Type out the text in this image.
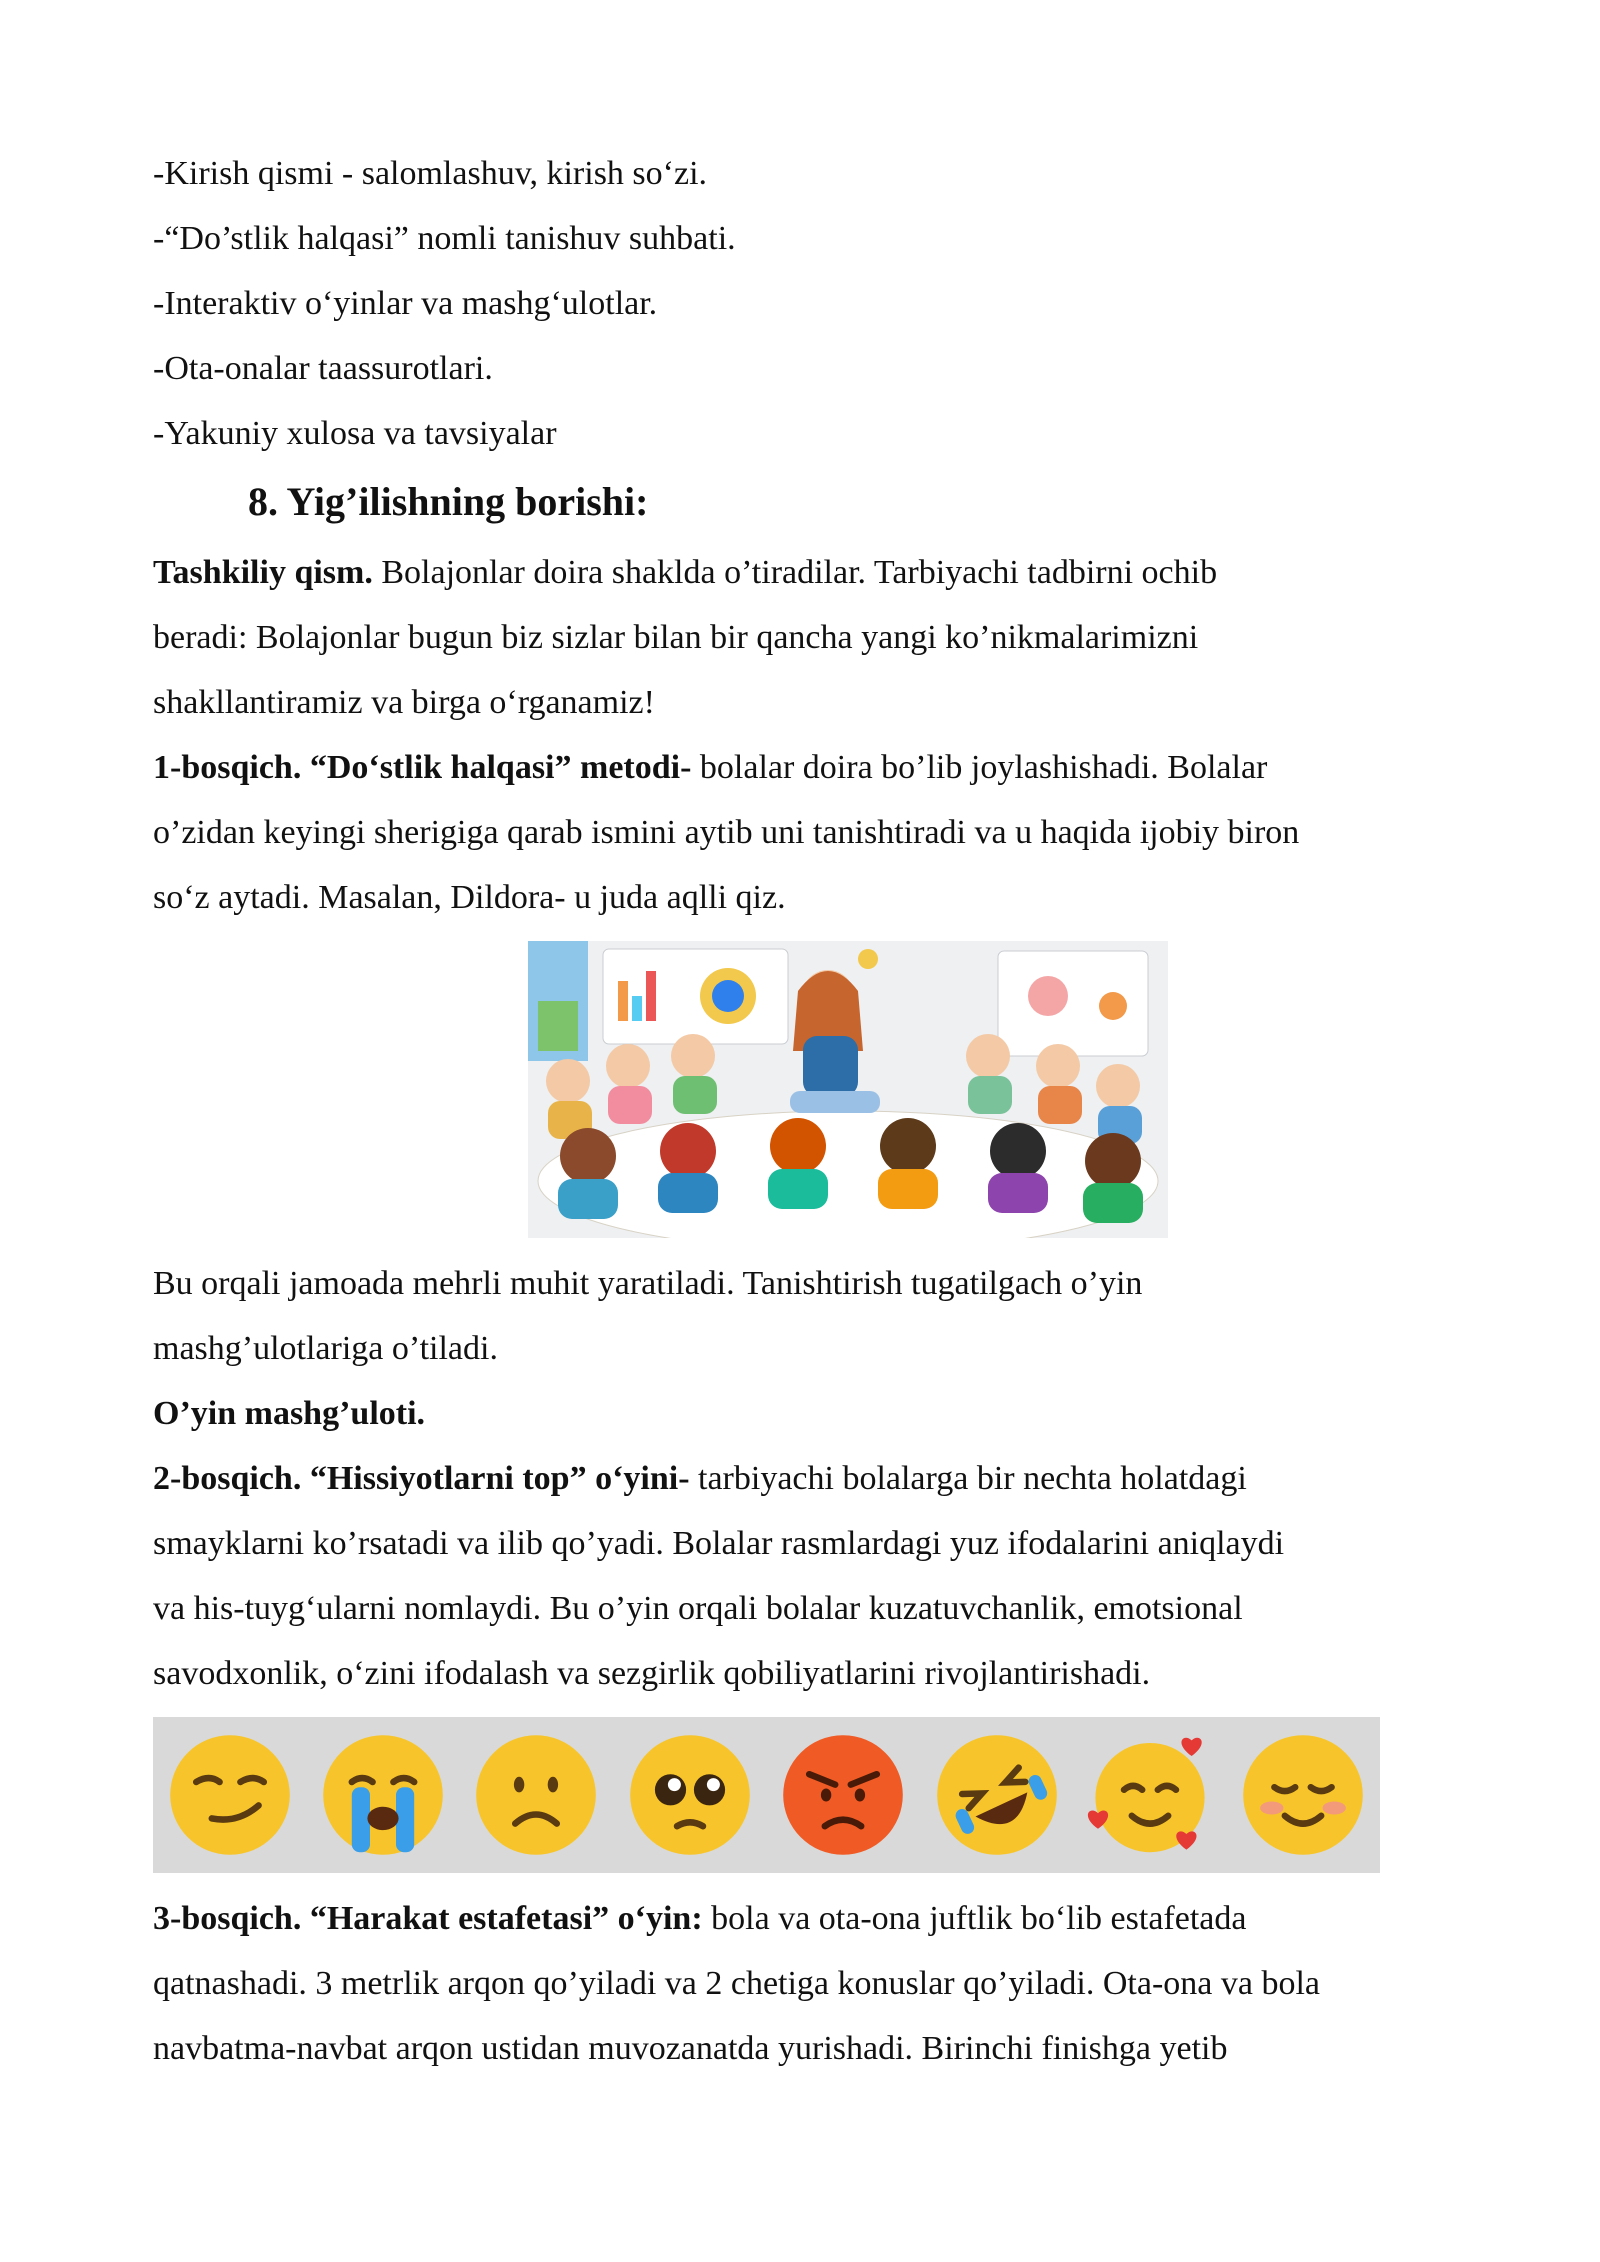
-Kirish qismi - salomlashuv, kirish so‘zi.

-“Do’stlik halqasi” nomli tanishuv suhbati.

-Interaktiv o‘yinlar va mashg‘ulotlar.

-Ota-onalar taassurotlari.

-Yakuniy xulosa va tavsiyalar

8. Yig’ilishning borishi:

Tashkiliy qism. Bolajonlar doira shaklda o’tiradilar. Tarbiyachi tadbirni ochib

beradi: Bolajonlar bugun biz sizlar bilan bir qancha yangi ko’nikmalarimizni

shakllantiramiz va birga o‘rganamiz!

1-bosqich. “Do‘stlik halqasi” metodi- bolalar doira bo’lib joylashishadi. Bolalar

o’zidan keyingi sherigiga qarab ismini aytib uni tanishtiradi va u haqida ijobiy biron

so‘z aytadi. Masalan, Dildora- u juda aqlli qiz.

Bu orqali jamoada mehrli muhit yaratiladi. Tanishtirish tugatilgach o’yin

mashg’ulotlariga o’tiladi.

O’yin mashg’uloti.

2-bosqich. “Hissiyotlarni top” o‘yini- tarbiyachi bolalarga bir nechta holatdagi

smayklarni ko’rsatadi va ilib qo’yadi. Bolalar rasmlardagi yuz ifodalarini aniqlaydi

va his-tuyg‘ularni nomlaydi. Bu o’yin orqali bolalar kuzatuvchanlik, emotsional

savodxonlik, o‘zini ifodalash va sezgirlik qobiliyatlarini rivojlantirishadi.

3-bosqich. “Harakat estafetasi” o‘yin: bola va ota-ona juftlik bo‘lib estafetada

qatnashadi. 3 metrlik arqon qo’yiladi va 2 chetiga konuslar qo’yiladi. Ota-ona va bola

navbatma-navbat arqon ustidan muvozanatda yurishadi. Birinchi finishga yetib
